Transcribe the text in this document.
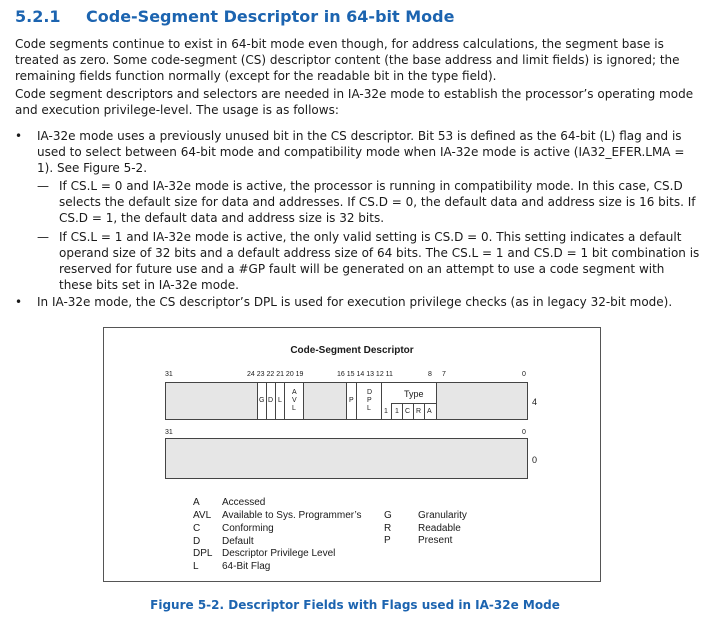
5.2.1 Code-Segment Descriptor in 64-bit Mode
Code segments continue to exist in 64-bit mode even though, for address calculations, the segment base is treated as zero. Some code-segment (CS) descriptor content (the base address and limit fields) is ignored; the remaining fields function normally (except for the readable bit in the type field).
Code segment descriptors and selectors are needed in IA-32e mode to establish the processor’s operating mode and execution privilege-level. The usage is as follows:
• IA-32e mode uses a previously unused bit in the CS descriptor. Bit 53 is defined as the 64-bit (L) flag and is used to select between 64-bit mode and compatibility mode when IA-32e mode is active (IA32_EFER.LMA = 1). See Figure 5-2.
— If CS.L = 0 and IA-32e mode is active, the processor is running in compatibility mode. In this case, CS.D selects the default size for data and addresses. If CS.D = 0, the default data and address size is 16 bits. If CS.D = 1, the default data and address size is 32 bits.
— If CS.L = 1 and IA-32e mode is active, the only valid setting is CS.D = 0. This setting indicates a default operand size of 32 bits and a default address size of 64 bits. The CS.L = 1 and CS.D = 1 bit combination is reserved for future use and a #GP fault will be generated on an attempt to use a code segment with these bits set in IA-32e mode.
• In IA-32e mode, the CS descriptor’s DPL is used for execution privilege checks (as in legacy 32-bit mode).
Code-Segment Descriptor
31	24 23 22 21 20 19	16 15 14 13 12 11	8 7	0
G D L
A
V
L
P
D
P
L 1
Type
1 C R A
4
31	0
0
A Accessed
AVL Available to Sys. Programmer’s
C Conforming
D Default
DPL Descriptor Privilege Level
L 64-Bit Flag
G	Granularity
R	Readable
P	Present
Figure 5-2. Descriptor Fields with Flags used in IA-32e Mode
